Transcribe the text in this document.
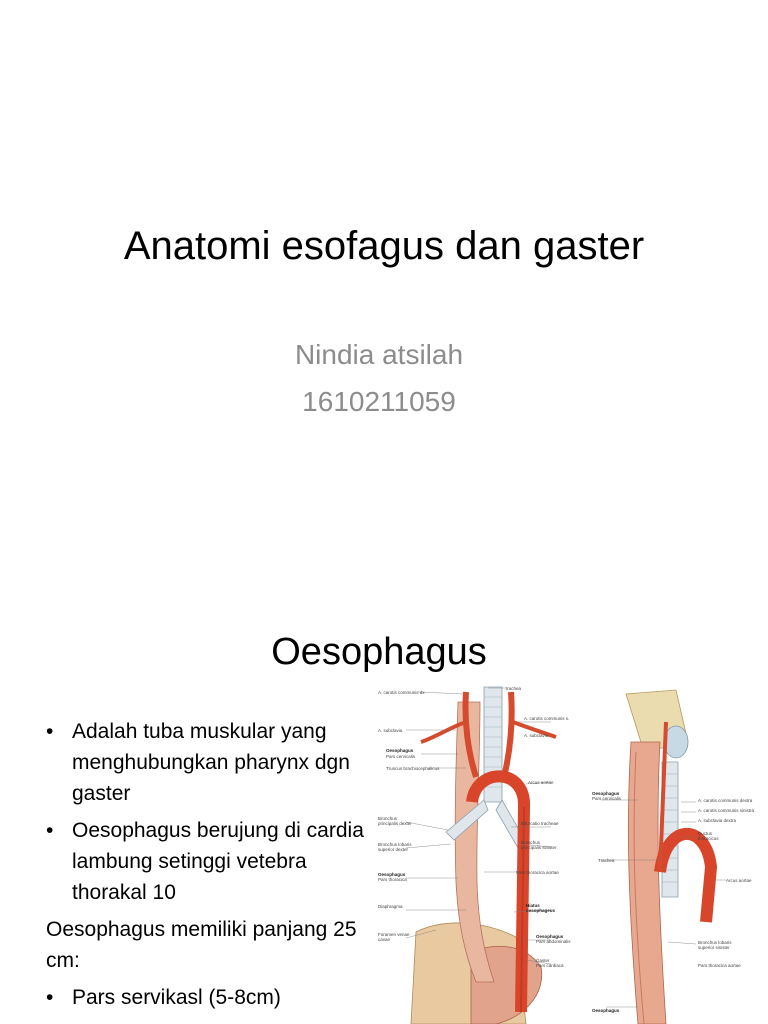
Anatomi esofagus dan gaster
Nindia atsilah
1610211059
Oesophagus
• Adalah tuba muskular yang menghubungkan pharynx dgn gaster
• Oesophagus berujung di cardia lambung setinggi vetebra thorakal 10

Oesophagus memiliki panjang 25 cm:

• Pars servikasl (5-8cm)
A. carotis communis dx
trachea
A. carotis communis s.
A. subclavia
A. subclavia
Oesophagus
Pars cervicalis
Truncus brachiocephalicus
Arcus aortae
Bronchus
principalis dexter	Bifurcatio tracheae
Bronchus lobaris
superior dexter
Bronchus
principalis sinister
Pars thoracica aortae
Oesophagus
Pars thoracica
Hiatus
oesophageus
Diaphragma
Foramen venae
cavae
Oesophagus
Pars abdominalis
Gaster
Pars cardiaca
Oesophagus
Pars cervicalis	A. carotis communis dextra
A. carotis communis sinistra
A. subclavia dextra
Trachea
Ductus
thoracicus
Arcus aortae
Bronchus lobaris
superior sinister
Pars thoracica aortae
Oesophagus
